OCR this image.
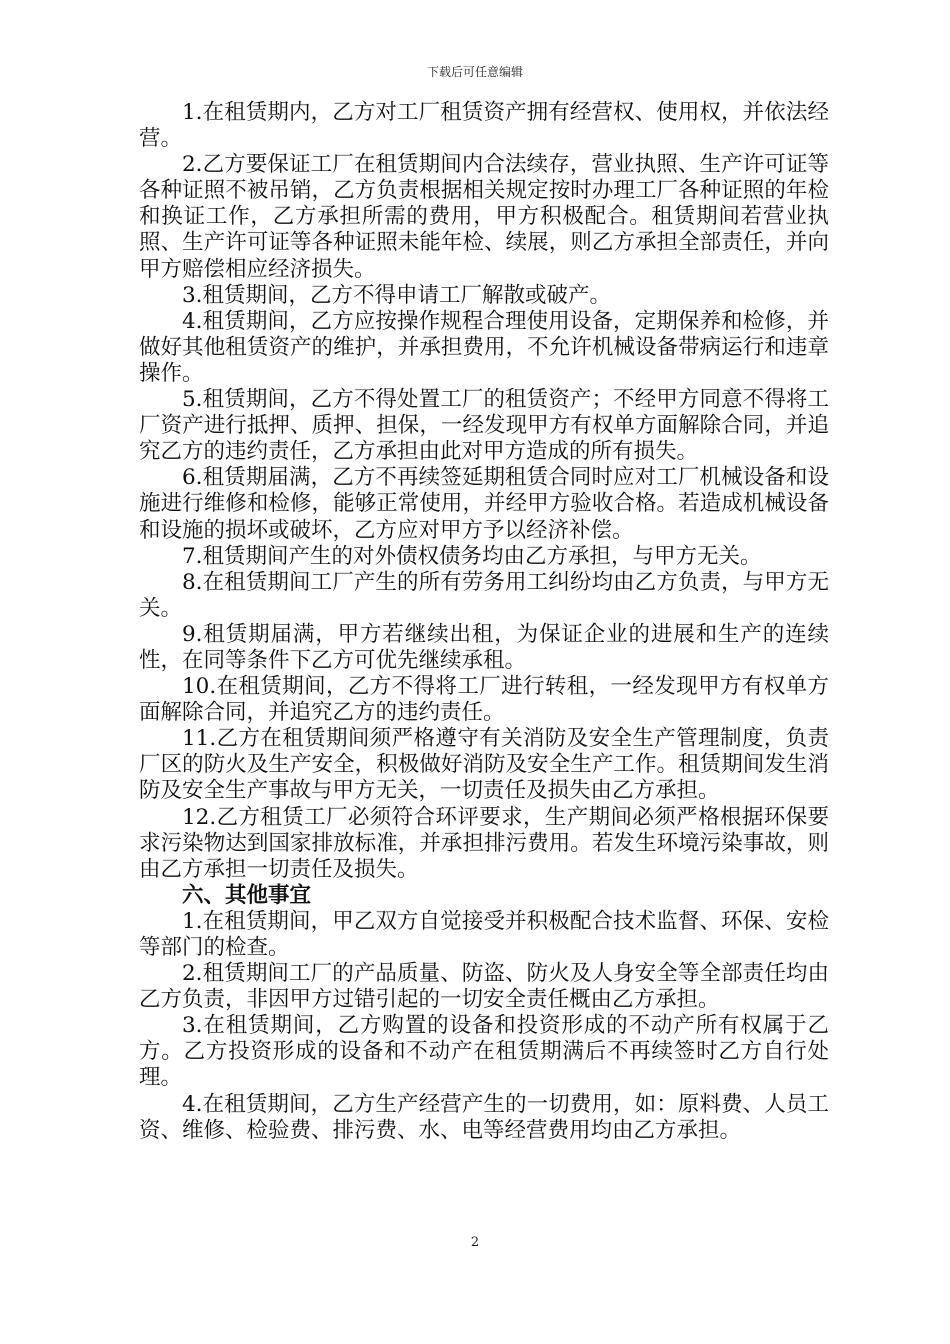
下载后可任意编辑

1.在租赁期内，乙方对工厂租赁资产拥有经营权、使用权，并依法经营。

2.乙方要保证工厂在租赁期间内合法续存，营业执照、生产许可证等各种证照不被吊销，乙方负责根据相关规定按时办理工厂各种证照的年检和换证工作，乙方承担所需的费用，甲方积极配合。租赁期间若营业执照、生产许可证等各种证照未能年检、续展，则乙方承担全部责任，并向甲方赔偿相应经济损失。

3.租赁期间，乙方不得申请工厂解散或破产。

4.租赁期间，乙方应按操作规程合理使用设备，定期保养和检修，并做好其他租赁资产的维护，并承担费用，不允许机械设备带病运行和违章操作。

5.租赁期间，乙方不得处置工厂的租赁资产；不经甲方同意不得将工厂资产进行抵押、质押、担保，一经发现甲方有权单方面解除合同，并追究乙方的违约责任，乙方承担由此对甲方造成的所有损失。

6.租赁期届满，乙方不再续签延期租赁合同时应对工厂机械设备和设施进行维修和检修，能够正常使用，并经甲方验收合格。若造成机械设备和设施的损坏或破坏，乙方应对甲方予以经济补偿。

7.租赁期间产生的对外债权债务均由乙方承担，与甲方无关。

8.在租赁期间工厂产生的所有劳务用工纠纷均由乙方负责，与甲方无关。

9.租赁期届满，甲方若继续出租，为保证企业的进展和生产的连续性，在同等条件下乙方可优先继续承租。

10.在租赁期间，乙方不得将工厂进行转租，一经发现甲方有权单方面解除合同，并追究乙方的违约责任。

11.乙方在租赁期间须严格遵守有关消防及安全生产管理制度，负责厂区的防火及生产安全，积极做好消防及安全生产工作。租赁期间发生消防及安全生产事故与甲方无关，一切责任及损失由乙方承担。

12.乙方租赁工厂必须符合环评要求，生产期间必须严格根据环保要求污染物达到国家排放标准，并承担排污费用。若发生环境污染事故，则由乙方承担一切责任及损失。

六、其他事宜

1.在租赁期间，甲乙双方自觉接受并积极配合技术监督、环保、安检等部门的检查。

2.租赁期间工厂的产品质量、防盗、防火及人身安全等全部责任均由乙方负责，非因甲方过错引起的一切安全责任概由乙方承担。

3.在租赁期间，乙方购置的设备和投资形成的不动产所有权属于乙方。乙方投资形成的设备和不动产在租赁期满后不再续签时乙方自行处理。

4.在租赁期间，乙方生产经营产生的一切费用，如：原料费、人员工资、维修、检验费、排污费、水、电等经营费用均由乙方承担。

2
